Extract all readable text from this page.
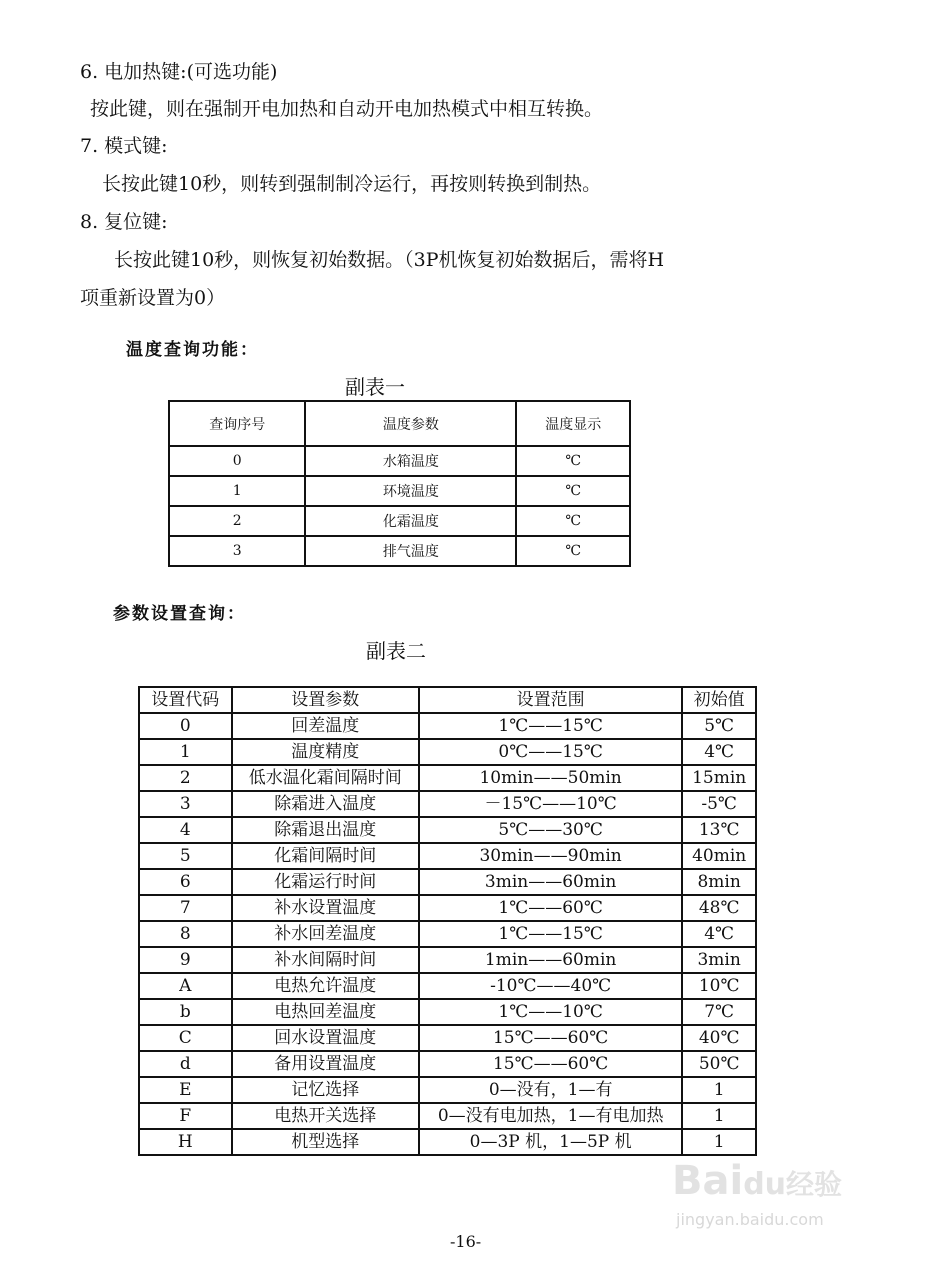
6. 电加热键:(可选功能)
按此键，则在强制开电加热和自动开电加热模式中相互转换。
7. 模式键:
长按此键10秒，则转到强制制冷运行，再按则转换到制热。
8. 复位键:
长按此键10秒，则恢复初始数据。（3P机恢复初始数据后，需将H
项重新设置为0）
温度查询功能：
副表一
查询序号	温度参数	温度显示
0	水箱温度	℃
1	环境温度	℃
2	化霜温度	℃
3	排气温度	℃
参数设置查询：
副表二
设置代码	设置参数	设置范围	初始值
0	回差温度	1℃——15℃	5℃
1	温度精度	0℃——15℃	4℃
2	低水温化霜间隔时间	10min——50min	15min
3	除霜进入温度	－15℃——10℃	-5℃
4	除霜退出温度	5℃——30℃	13℃
5	化霜间隔时间	30min——90min	40min
6	化霜运行时间	3min——60min	8min
7	补水设置温度	1℃——60℃	48℃
8	补水回差温度	1℃——15℃	4℃
9	补水间隔时间	1min——60min	3min
A	电热允许温度	-10℃——40℃	10℃
b	电热回差温度	1℃——10℃	7℃
C	回水设置温度	15℃——60℃	40℃
d	备用设置温度	15℃——60℃	50℃
E	记忆选择	0—没有，1—有	1
F	电热开关选择	0—没有电加热，1—有电加热	1
H	机型选择	0—3P 机，1—5P 机	1
Baidu经验
jingyan.baidu.com
-16-
